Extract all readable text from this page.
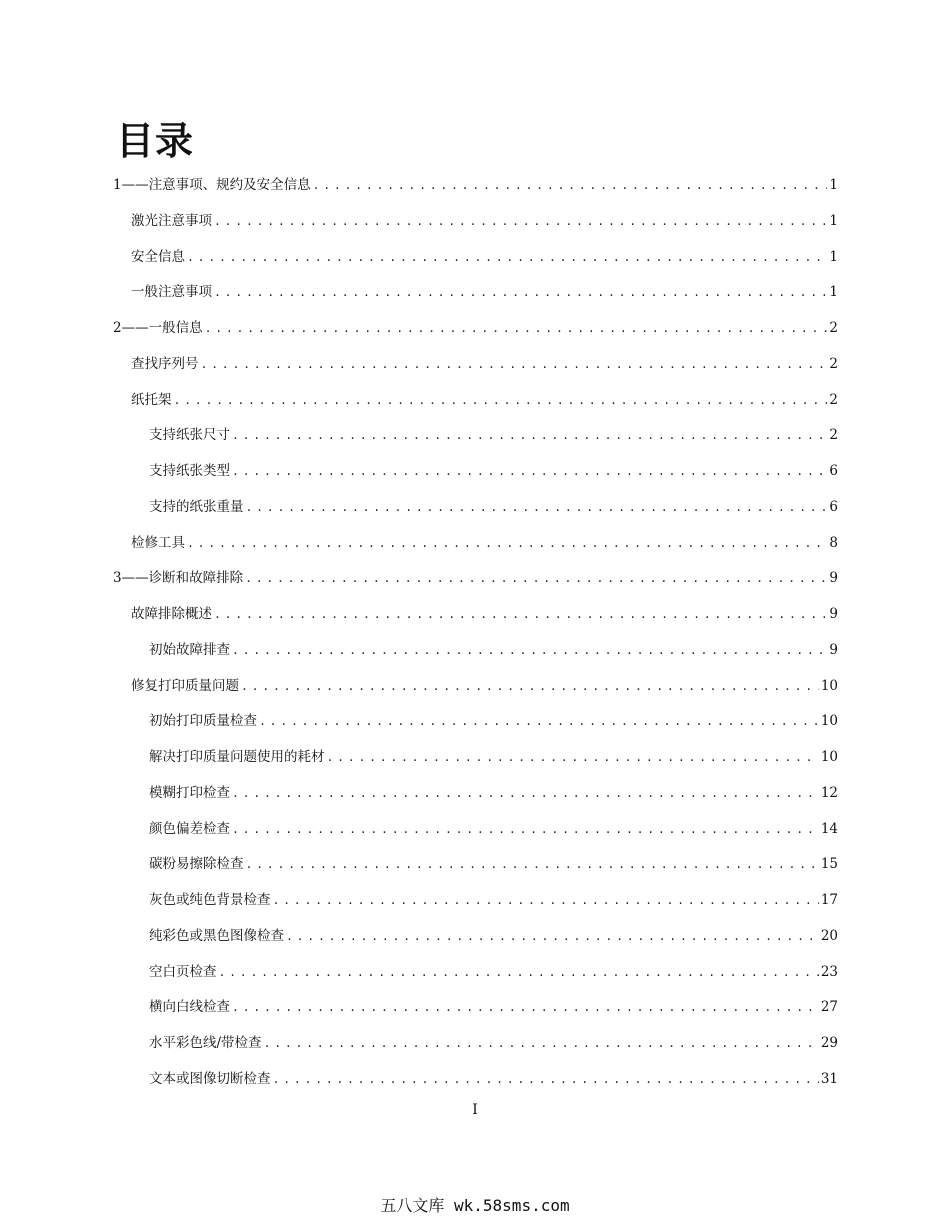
目录
1——注意事项、规约及安全信息 . . .	1
激光注意事项 . . .	1
安全信息 . . .	1
一般注意事项 . . .	1
2——一般信息 . . .	2
查找序列号 . . .	2
纸托架 . . .	2
支持纸张尺寸 . . .	2
支持纸张类型 . . .	6
支持的纸张重量 . . .	6
检修工具 . . .	8
3——诊断和故障排除 . . .	9
故障排除概述 . . .	9
初始故障排查 . . .	9
修复打印质量问题 . . .	10
初始打印质量检查 . . .	10
解决打印质量问题使用的耗材 . . .	10
模糊打印检查 . . .	12
颜色偏差检查 . . .	14
碳粉易擦除检查 . . .	15
灰色或纯色背景检查 . . .	17
纯彩色或黑色图像检查 . . .	20
空白页检查 . . .	23
横向白线检查 . . .	27
水平彩色线/带检查 . . .	29
文本或图像切断检查 . . .	31
I
五八文库 wk.58sms.com
